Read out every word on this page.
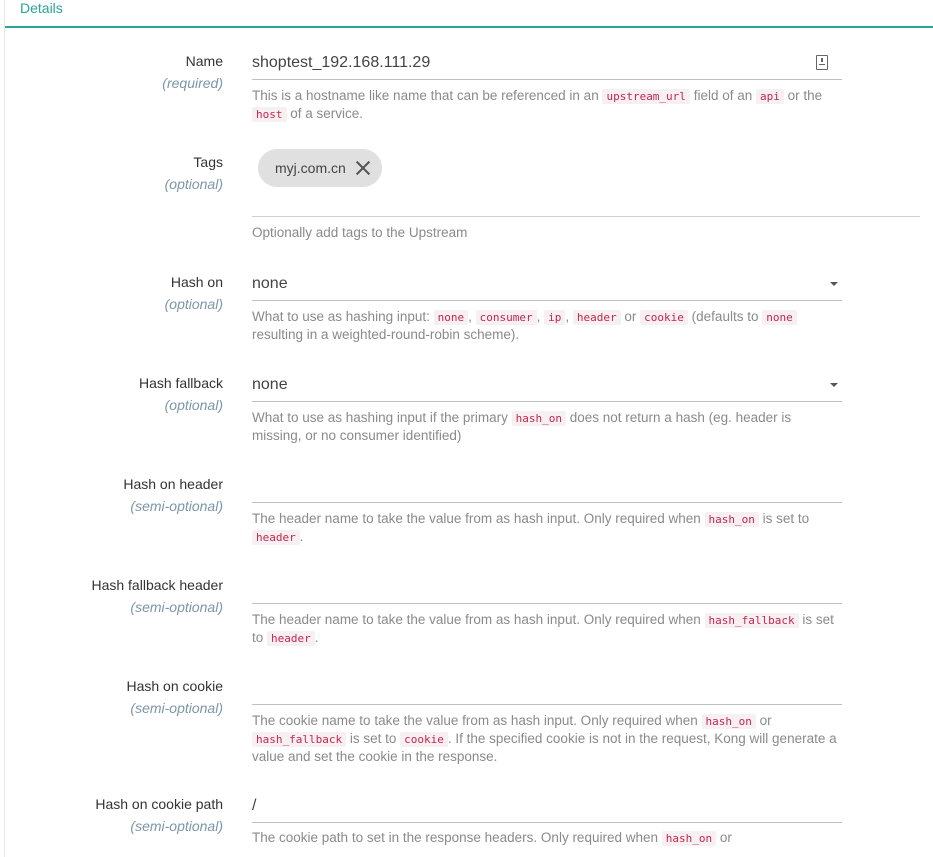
Details
Name
(required)
shoptest_192.168.111.29
This is a hostname like name that can be referenced in an upstream_url field of an api or the host of a service.
Tags
(optional)
myj.com.cn
Optionally add tags to the Upstream
Hash on
(optional)
none
What to use as hashing input: none , consumer , ip , header or cookie (defaults to none
resulting in a weighted-round-robin scheme).
Hash fallback
(optional)
none
What to use as hashing input if the primary hash_on does not return a hash (eg. header is missing, or no consumer identified)
Hash on header
(semi-optional)
The header name to take the value from as hash input. Only required when hash_on is set to header .
Hash fallback header
(semi-optional)
The header name to take the value from as hash input. Only required when hash_fallback is set to header .
Hash on cookie
(semi-optional)
The cookie name to take the value from as hash input. Only required when hash_on or hash_fallback is set to cookie . If the specified cookie is not in the request, Kong will generate a value and set the cookie in the response.
Hash on cookie path
(semi-optional)
/
The cookie path to set in the response headers. Only required when hash_on or
